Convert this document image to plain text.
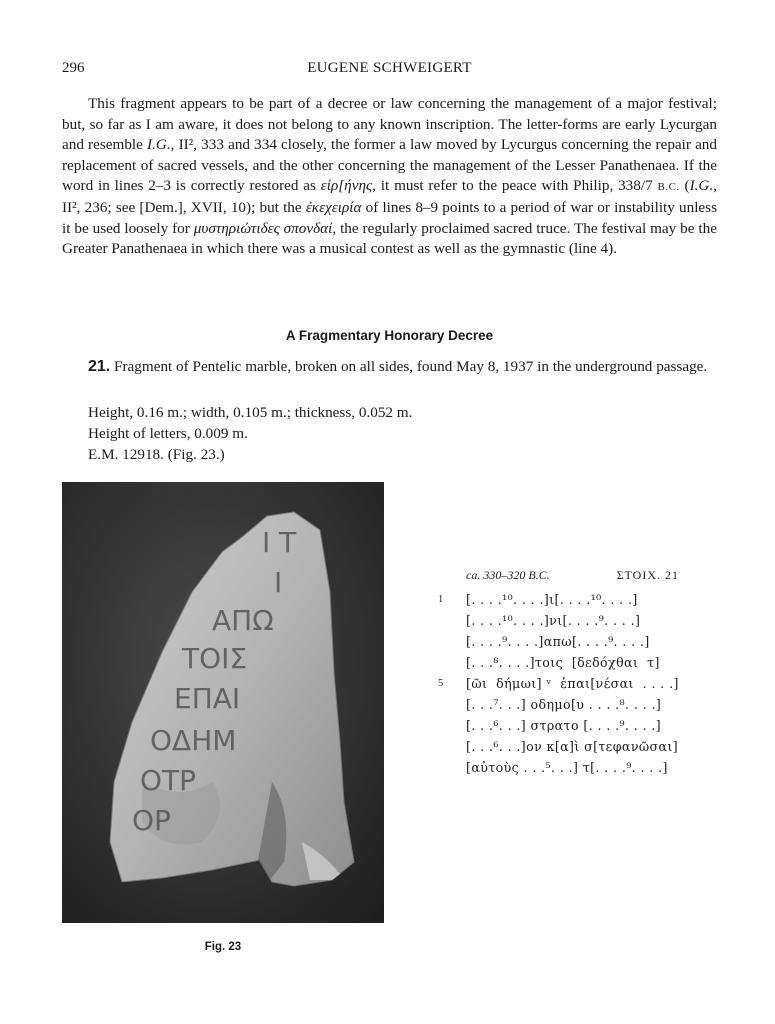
296	EUGENE SCHWEIGERT
This fragment appears to be part of a decree or law concerning the management of a major festival; but, so far as I am aware, it does not belong to any known inscription. The letter-forms are early Lycurgan and resemble I.G., II², 333 and 334 closely, the former a law moved by Lycurgus concerning the repair and replacement of sacred vessels, and the other concerning the management of the Lesser Panathenaea. If the word in lines 2–3 is correctly restored as εἰρ[ήνης, it must refer to the peace with Philip, 338/7 B.C. (I.G., II², 236; see [Dem.], XVII, 10); but the ἐκεχειρία of lines 8–9 points to a period of war or instability unless it be used loosely for μυστηριώτιδες σπονδαί, the regularly proclaimed sacred truce. The festival may be the Greater Panathenaea in which there was a musical contest as well as the gymnastic (line 4).
A Fragmentary Honorary Decree
21. Fragment of Pentelic marble, broken on all sides, found May 8, 1937 in the underground passage.
Height, 0.16 m.; width, 0.105 m.; thickness, 0.052 m.
Height of letters, 0.009 m.
E.M. 12918. (Fig. 23.)
Ι Τ
Ι
ΑΠΩ
ΤΟΙΣ
ΕΠΑΙ
ΟΔΗΜ
ΟΤΡ
ΟΡ
Fig. 23
ca. 330–320 B.C.	ΣΤΟΙΧ. 21
1 [. . . .¹⁰. . . .]ι[. . . .¹⁰. . . .]
[. . . .¹⁰. . . .]νι[. . . .⁹. . . .]
[. . . .⁹. . . .]απω[. . . .⁹. . . .]
[. . .⁸. . . .]τοις  [δεδόχθαι  τ]
5 [ῶι  δήμωι] ᵛ  ἐπαι[νέσαι  . . . .]
[. . .⁷. . .] οδημο[υ . . . .⁸. . . .]
[. . .⁶. . .] στρατο [. . . .⁹. . . .]
[. . .⁶. . .]ον κ[α]ὶ σ[τεφανῶσαι]
[αὐτοὺς . . .⁵. . .] τ[. . . .⁹. . . .]
